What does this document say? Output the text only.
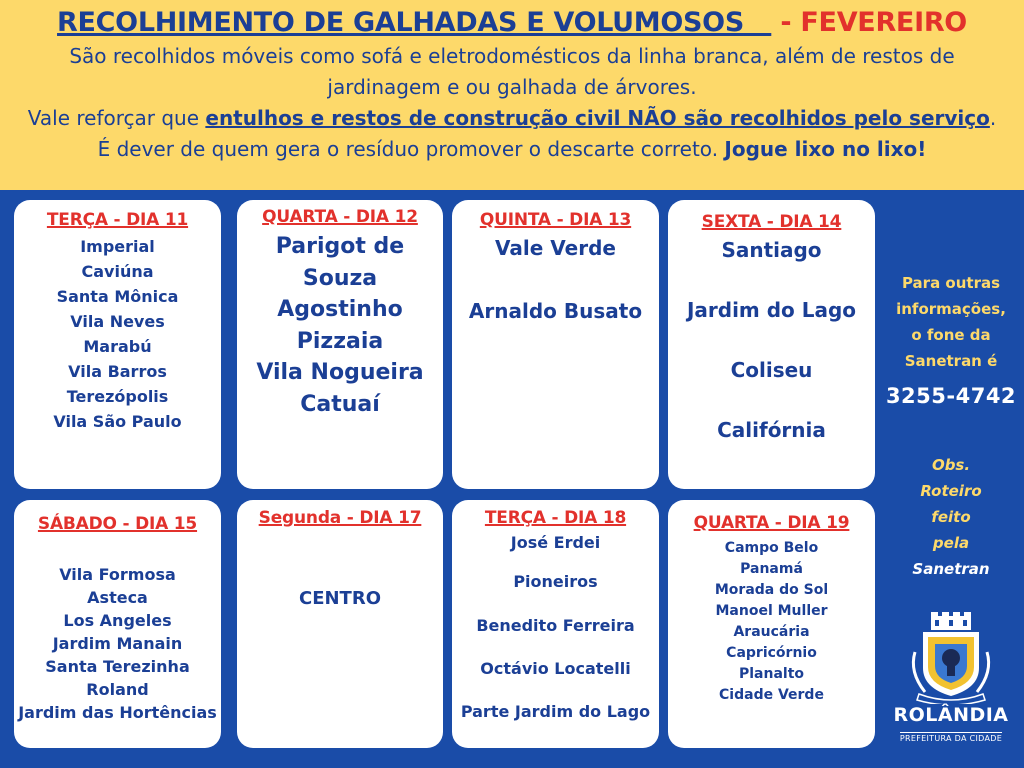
RECOLHIMENTO DE GALHADAS E VOLUMOSOS - FEVEREIRO

São recolhidos móveis como sofá e eletrodomésticos da linha branca, além de restos de
jardinagem e ou galhada de árvores.
Vale reforçar que entulhos e restos de construção civil NÃO são recolhidos pelo serviço.
É dever de quem gera o resíduo promover o descarte correto. Jogue lixo no lixo!

TERÇA - DIA 11
Imperial
Caviúna
Santa Mônica
Vila Neves
Marabú
Vila Barros
Terezópolis
Vila São Paulo
QUARTA - DIA 12
Parigot de
Souza
Agostinho
Pizzaia
Vila Nogueira
Catuaí
QUINTA - DIA 13
Vale Verde
Arnaldo Busato
SEXTA - DIA 14
Santiago
Jardim do Lago
Coliseu
Califórnia
SÁBADO - DIA 15
Vila Formosa
Asteca
Los Angeles
Jardim Manain
Santa Terezinha
Roland
Jardim das Hortências
Segunda - DIA 17
CENTRO
TERÇA - DIA 18
José Erdei
Pioneiros
Benedito Ferreira
Octávio Locatelli
Parte Jardim do Lago
QUARTA - DIA 19
Campo Belo
Panamá
Morada do Sol
Manoel Muller
Araucária
Capricórnio
Planalto
Cidade Verde
Para outras
informações,
o fone da
Sanetran é
3255-4742
Obs.
Roteiro
feito
pela
Sanetran
ROLÂNDIA
PREFEITURA DA CIDADE
